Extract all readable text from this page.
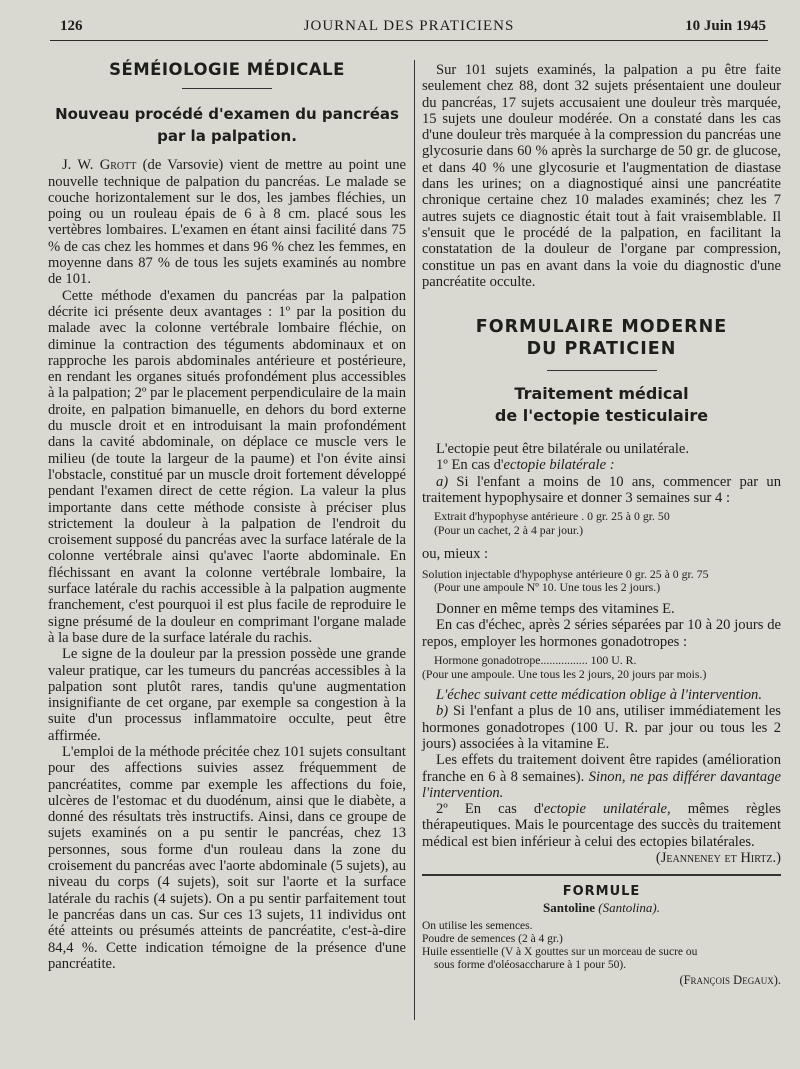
126	JOURNAL DES PRATICIENS	10 Juin 1945
SÉMÉIOLOGIE MÉDICALE
Nouveau procédé d'examen du pancréas par la palpation.

J. W. Grott (de Varsovie) vient de mettre au point une nouvelle technique de palpation du pancréas. Le malade se couche horizontalement sur le dos, les jambes fléchies, un poing ou un rouleau épais de 6 à 8 cm. placé sous les vertèbres lombaires. L'examen en étant ainsi facilité dans 75 % de cas chez les hommes et dans 96 % chez les femmes, en moyenne dans 87 % de tous les sujets examinés au nombre de 101.

Cette méthode d'examen du pancréas par la palpation décrite ici présente deux avantages : 1º par la position du malade avec la colonne vertébrale lombaire fléchie, on diminue la contraction des téguments abdominaux et on rapproche les parois abdominales antérieure et postérieure, en rendant les organes situés profondément plus accessibles à la palpation; 2º par le placement perpendiculaire de la main droite, en palpation bimanuelle, en dehors du bord externe du muscle droit et en introduisant la main profondément dans la cavité abdominale, on déplace ce muscle vers le milieu (de toute la largeur de la paume) et l'on évite ainsi l'obstacle, constitué par un muscle droit fortement développé pendant l'examen direct de cette région. La valeur la plus importante dans cette méthode consiste à préciser plus strictement la douleur à la palpation de l'endroit du croisement supposé du pancréas avec la surface latérale de la colonne vertébrale ainsi qu'avec l'aorte abdominale. En fléchissant en avant la colonne vertébrale lombaire, la surface latérale du rachis accessible à la palpation augmente franchement, c'est pourquoi il est plus facile de reproduire le signe présumé de la douleur en comprimant l'organe malade à la base dure de la surface latérale du rachis.

Le signe de la douleur par la pression possède une grande valeur pratique, car les tumeurs du pancréas accessibles à la palpation sont plutôt rares, tandis qu'une augmentation insignifiante de cet organe, par exemple sa congestion à la suite d'un processus inflammatoire occulte, peut être affirmée.

L'emploi de la méthode précitée chez 101 sujets consultant pour des affections suivies assez fréquemment de pancréatites, comme par exemple les affections du foie, ulcères de l'estomac et du duodénum, ainsi que le diabète, a donné des résultats très instructifs. Ainsi, dans ce groupe de sujets examinés on a pu sentir le pancréas, chez 13 personnes, sous forme d'un rouleau dans la zone du croisement du pancréas avec l'aorte abdominale (5 sujets), au niveau du corps (4 sujets), soit sur l'aorte et la surface latérale du rachis (4 sujets). On a pu sentir parfaitement tout le pancréas dans un cas. Sur ces 13 sujets, 11 individus ont été atteints ou présumés atteints de pancréatite, c'est-à-dire 84,4 %. Cette indication témoigne de la présence d'une pancréatite.

Sur 101 sujets examinés, la palpation a pu être faite seulement chez 88, dont 32 sujets présentaient une douleur du pancréas, 17 sujets accusaient une douleur très marquée, 15 sujets une douleur modérée. On a constaté dans les cas d'une douleur très marquée à la compression du pancréas une glycosurie dans 60 % après la surcharge de 50 gr. de glucose, et dans 40 % une glycosurie et l'augmentation de diastase dans les urines; on a diagnostiqué ainsi une pancréatite chronique certaine chez 10 malades examinés; chez les 7 autres sujets ce diagnostic était tout à fait vraisemblable. Il s'ensuit que le procédé de la palpation, en facilitant la constatation de la douleur de l'organe par compression, constitue un pas en avant dans la voie du diagnostic d'une pancréatite occulte.

FORMULAIRE MODERNE
DU PRATICIEN
Traitement médical
de l'ectopie testiculaire

L'ectopie peut être bilatérale ou unilatérale.

1º En cas d'ectopie bilatérale :

a) Si l'enfant a moins de 10 ans, commencer par un traitement hypophysaire et donner 3 semaines sur 4 :

Extrait d'hypophyse antérieure . 0 gr. 25 à 0 gr. 50
(Pour un cachet, 2 à 4 par jour.)

ou, mieux :

Solution injectable d'hypophyse antérieure 0 gr. 25 à 0 gr. 75
(Pour une ampoule Nº 10. Une tous les 2 jours.)

Donner en même temps des vitamines E.

En cas d'échec, après 2 séries séparées par 10 à 20 jours de repos, employer les hormones gonadotropes :

Hormone gonadotrope................ 100 U. R.
(Pour une ampoule. Une tous les 2 jours, 20 jours par mois.)

L'échec suivant cette médication oblige à l'intervention.

b) Si l'enfant a plus de 10 ans, utiliser immédiatement les hormones gonadotropes (100 U. R. par jour ou tous les 2 jours) associées à la vitamine E.

Les effets du traitement doivent être rapides (amélioration franche en 6 à 8 semaines). Sinon, ne pas différer davantage l'intervention.

2º En cas d'ectopie unilatérale, mêmes règles thérapeutiques. Mais le pourcentage des succès du traitement médical est bien inférieur à celui des ectopies bilatérales.

(Jeanneney et Hirtz.)
FORMULE
Santoline (Santolina).
On utilise les semences.
Poudre de semences (2 à 4 gr.)
Huile essentielle (V à X gouttes sur un morceau de sucre ou
sous forme d'oléosaccharure à 1 pour 50).
(François Degaux).
